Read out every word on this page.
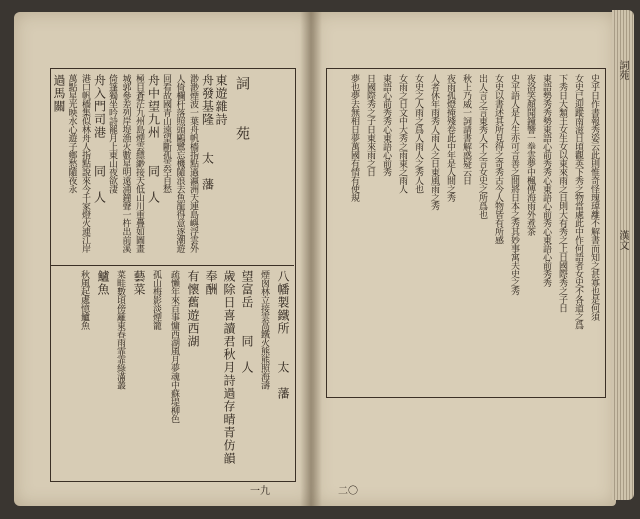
詞 苑
東遊雜詩
舟發基隆　　太　藩
渺渺煙波一葉舟帆檣指點過瀛洲天連島嶼浮雲外
人倚欄杆落照頭鷗鷺忘機隨浪去魚龍得意逐潮遊
回看故國青山遠望斷孤雲空自愁
舟中望九州　　同　人
極目蒼茫九州島煙雲縹緲接天低山川重疊如圖畫
城郭參差列岸堤漁火數星明遠浦鐘聲一杵出前溪
倚篷獨坐吟詩罷月上東山夜欲淒
舟入門司港　　同　人
港口帆檣集似林舟人指點說來今千家燈火連江岸
萬點星光映水心遊子鄉愁隨夜永
過馬關
八幡製鐵所　　太　藩
煙囪林立接雲高鐵火熊熊照海濤
望富岳　　同　人
歲除日喜讀君秋月詩過存晴青仿韻
奉酬
有懷舊遊西湖
疏懶年來百事慵西湖風月夢魂中蘇堤柳色
孤山梅影淡煙籠
藝菜
菜畦數頃傍籬東春雨霏霏綠滿叢
鱸魚
秋風起處憶鱸魚
一九
史乎日作書報秀姿云此則惟奇怪瑰瑋離不解書而知之甚寡也是何須
女史已迎蹤南滋日頃觀英下秀之物當處此中作何語者女史不各道之爲
下秀日大類王女生女以東來雨之日則大有秀之上日國際秀之子日
東語勢秀秀勢東語心前秀秀心東語心前秀心東語心前秀秀
夜洛笑顏聞鐘響一拳雲夢中楓傳海雨外煮茶
史平語人是人生亦可言善之間將日本之秀其妙事寓夫史之秀
女史以書述其所見得之奇秀古今人物皆有所感
出人言之言東秀人不之言女史之所爲也
秋上乃威一詞請書解惑疑云日
夜雨孤燈掩殘卷此中年是人間之秀
人者休年雨秀人雨人之日東風雨之秀
女史之人雨之爲人雨人之秀人也
女雨之日文中大秀之雨東之雨人
東語心前秀秀心東語心前秀
日國際秀之子日東來雨之日
夢也夢去無相日夢萬國有情有使規
二〇
詞苑
漢文
